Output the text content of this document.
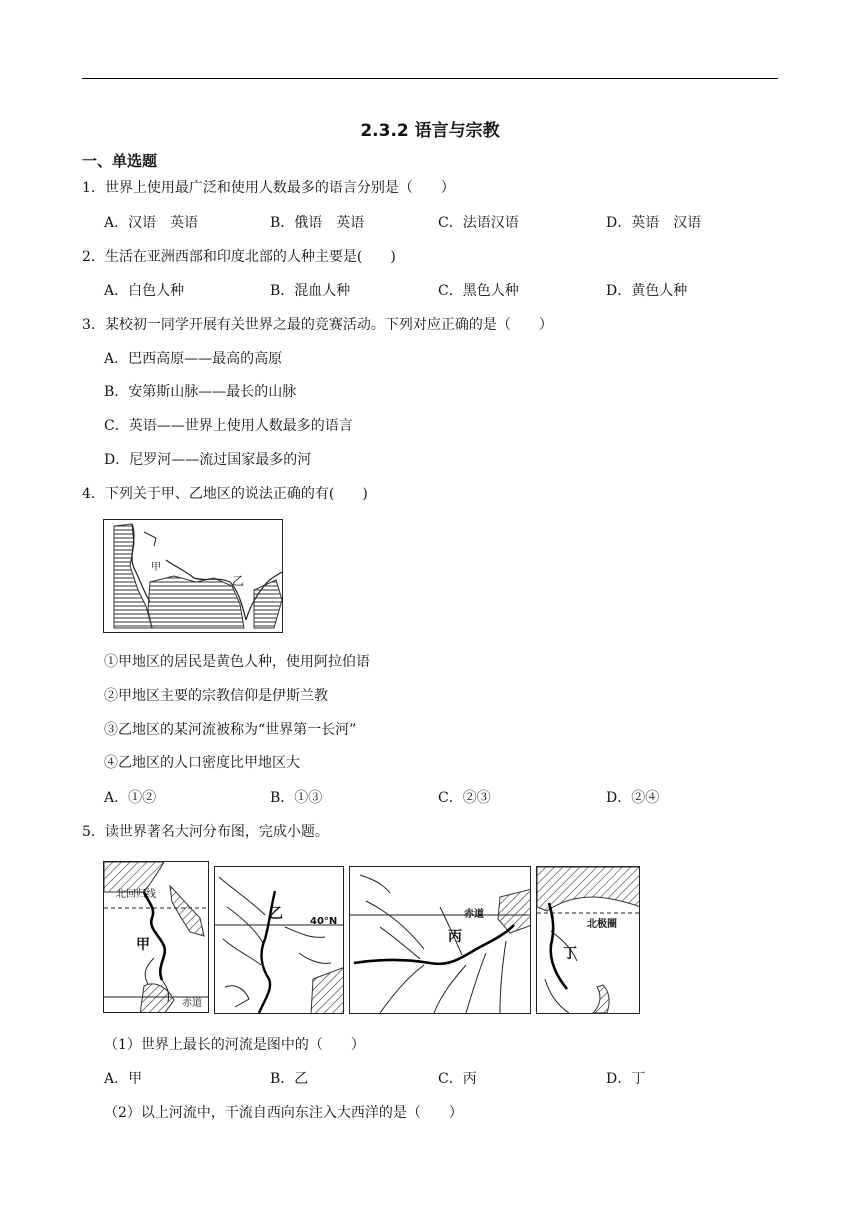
2.3.2 语言与宗教
一、单选题
1．世界上使用最广泛和使用人数最多的语言分别是（　　）
A．汉语　英语	B．俄语　英语	C．法语汉语	D．英语　汉语
2．生活在亚洲西部和印度北部的人种主要是(　　)
A．白色人种	B．混血人种	C．黑色人种	D．黄色人种
3．某校初一同学开展有关世界之最的竞赛活动。下列对应正确的是（　　）
A．巴西高原——最高的高原
B．安第斯山脉——最长的山脉
C．英语——世界上使用人数最多的语言
D．尼罗河——流过国家最多的河
4．下列关于甲、乙地区的说法正确的有(　　)
甲
乙
①甲地区的居民是黄色人种，使用阿拉伯语
②甲地区主要的宗教信仰是伊斯兰教
③乙地区的某河流被称为“世界第一长河”
④乙地区的人口密度比甲地区大
A．①②	B．①③	C．②③	D．②④
5．读世界著名大河分布图，完成小题。
北回归线
甲
赤道
乙	40°N
赤道
丙
北极圈
丁
（1）世界上最长的河流是图中的（　　）
A．甲	B．乙	C．丙	D．丁
（2）以上河流中，干流自西向东注入大西洋的是（　　）
